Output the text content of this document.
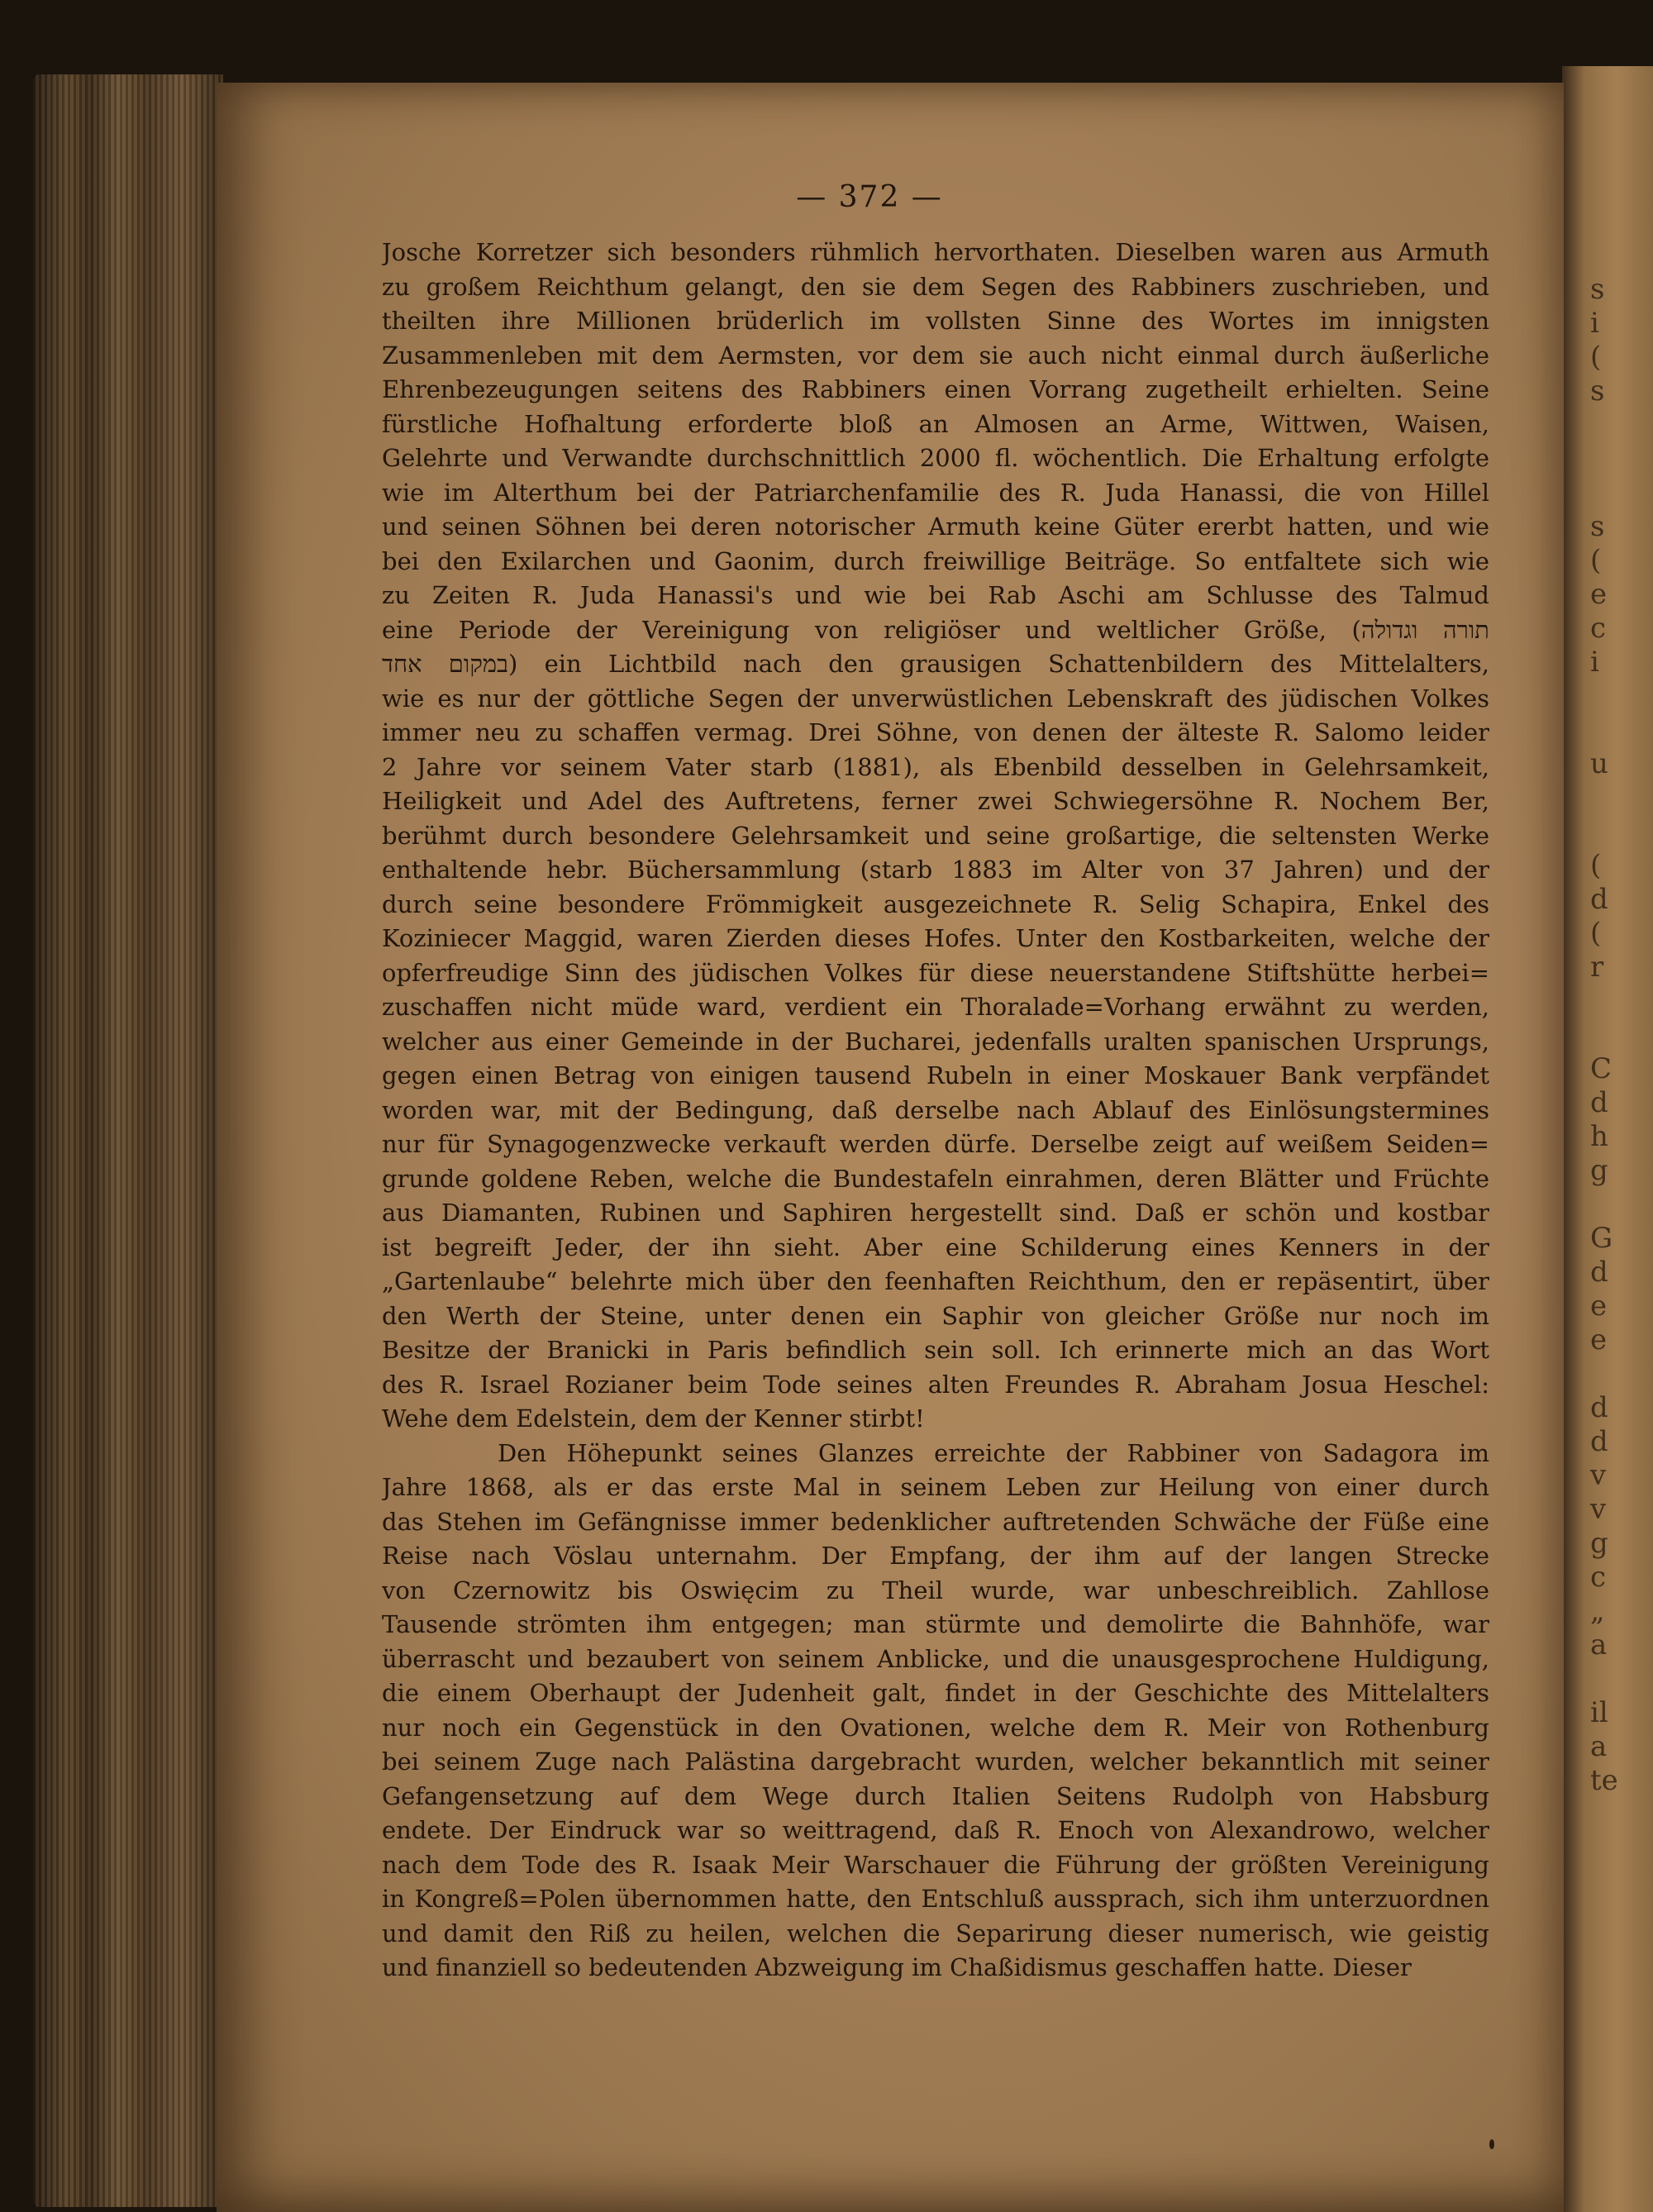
s
i
(
s

s
(
e
c
i

u

(
d
(
r

C
d
h
g

G
d
e
e

d
d
v
v
g
c
„
a

il
a
te
— 372 —

Josche Korretzer sich besonders rühmlich hervorthaten. Dieselben waren aus Armuth
zu großem Reichthum gelangt, den sie dem Segen des Rabbiners zuschrieben, und
theilten ihre Millionen brüderlich im vollsten Sinne des Wortes im innigsten
Zusammenleben mit dem Aermsten, vor dem sie auch nicht einmal durch äußerliche
Ehrenbezeugungen seitens des Rabbiners einen Vorrang zugetheilt erhielten. Seine
fürstliche Hofhaltung erforderte bloß an Almosen an Arme, Wittwen, Waisen,
Gelehrte und Verwandte durchschnittlich 2000 fl. wöchentlich. Die Erhaltung erfolgte
wie im Alterthum bei der Patriarchenfamilie des R. Juda Hanassi, die von Hillel
und seinen Söhnen bei deren notorischer Armuth keine Güter ererbt hatten, und wie
bei den Exilarchen und Gaonim, durch freiwillige Beiträge. So entfaltete sich wie
zu Zeiten R. Juda Hanassi's und wie bei Rab Aschi am Schlusse des Talmud
eine Periode der Vereinigung von religiöser und weltlicher Größe, (תורה וגדולה
במקום אחד) ein Lichtbild nach den grausigen Schattenbildern des Mittelalters,
wie es nur der göttliche Segen der unverwüstlichen Lebenskraft des jüdischen Volkes
immer neu zu schaffen vermag. Drei Söhne, von denen der älteste R. Salomo leider
2 Jahre vor seinem Vater starb (1881), als Ebenbild desselben in Gelehrsamkeit,
Heiligkeit und Adel des Auftretens, ferner zwei Schwiegersöhne R. Nochem Ber,
berühmt durch besondere Gelehrsamkeit und seine großartige, die seltensten Werke
enthaltende hebr. Büchersammlung (starb 1883 im Alter von 37 Jahren) und der
durch seine besondere Frömmigkeit ausgezeichnete R. Selig Schapira, Enkel des
Koziniecer Maggid, waren Zierden dieses Hofes. Unter den Kostbarkeiten, welche der
opferfreudige Sinn des jüdischen Volkes für diese neuerstandene Stiftshütte herbei=
zuschaffen nicht müde ward, verdient ein Thoralade=Vorhang erwähnt zu werden,
welcher aus einer Gemeinde in der Bucharei, jedenfalls uralten spanischen Ursprungs,
gegen einen Betrag von einigen tausend Rubeln in einer Moskauer Bank verpfändet
worden war, mit der Bedingung, daß derselbe nach Ablauf des Einlösungstermines
nur für Synagogenzwecke verkauft werden dürfe. Derselbe zeigt auf weißem Seiden=
grunde goldene Reben, welche die Bundestafeln einrahmen, deren Blätter und Früchte
aus Diamanten, Rubinen und Saphiren hergestellt sind. Daß er schön und kostbar
ist begreift Jeder, der ihn sieht. Aber eine Schilderung eines Kenners in der
„Gartenlaube“ belehrte mich über den feenhaften Reichthum, den er repäsentirt, über
den Werth der Steine, unter denen ein Saphir von gleicher Größe nur noch im
Besitze der Branicki in Paris befindlich sein soll. Ich erinnerte mich an das Wort
des R. Israel Rozianer beim Tode seines alten Freundes R. Abraham Josua Heschel:
Wehe dem Edelstein, dem der Kenner stirbt!

Den Höhepunkt seines Glanzes erreichte der Rabbiner von Sadagora im
Jahre 1868, als er das erste Mal in seinem Leben zur Heilung von einer durch
das Stehen im Gefängnisse immer bedenklicher auftretenden Schwäche der Füße eine
Reise nach Vöslau unternahm. Der Empfang, der ihm auf der langen Strecke
von Czernowitz bis Oswięcim zu Theil wurde, war unbeschreiblich. Zahllose
Tausende strömten ihm entgegen; man stürmte und demolirte die Bahnhöfe, war
überrascht und bezaubert von seinem Anblicke, und die unausgesprochene Huldigung,
die einem Oberhaupt der Judenheit galt, findet in der Geschichte des Mittelalters
nur noch ein Gegenstück in den Ovationen, welche dem R. Meir von Rothenburg
bei seinem Zuge nach Palästina dargebracht wurden, welcher bekanntlich mit seiner
Gefangensetzung auf dem Wege durch Italien Seitens Rudolph von Habsburg
endete. Der Eindruck war so weittragend, daß R. Enoch von Alexandrowo, welcher
nach dem Tode des R. Isaak Meir Warschauer die Führung der größten Vereinigung
in Kongreß=Polen übernommen hatte, den Entschluß aussprach, sich ihm unterzuordnen
und damit den Riß zu heilen, welchen die Separirung dieser numerisch, wie geistig
und finanziell so bedeutenden Abzweigung im Chaßidismus geschaffen hatte. Dieser
